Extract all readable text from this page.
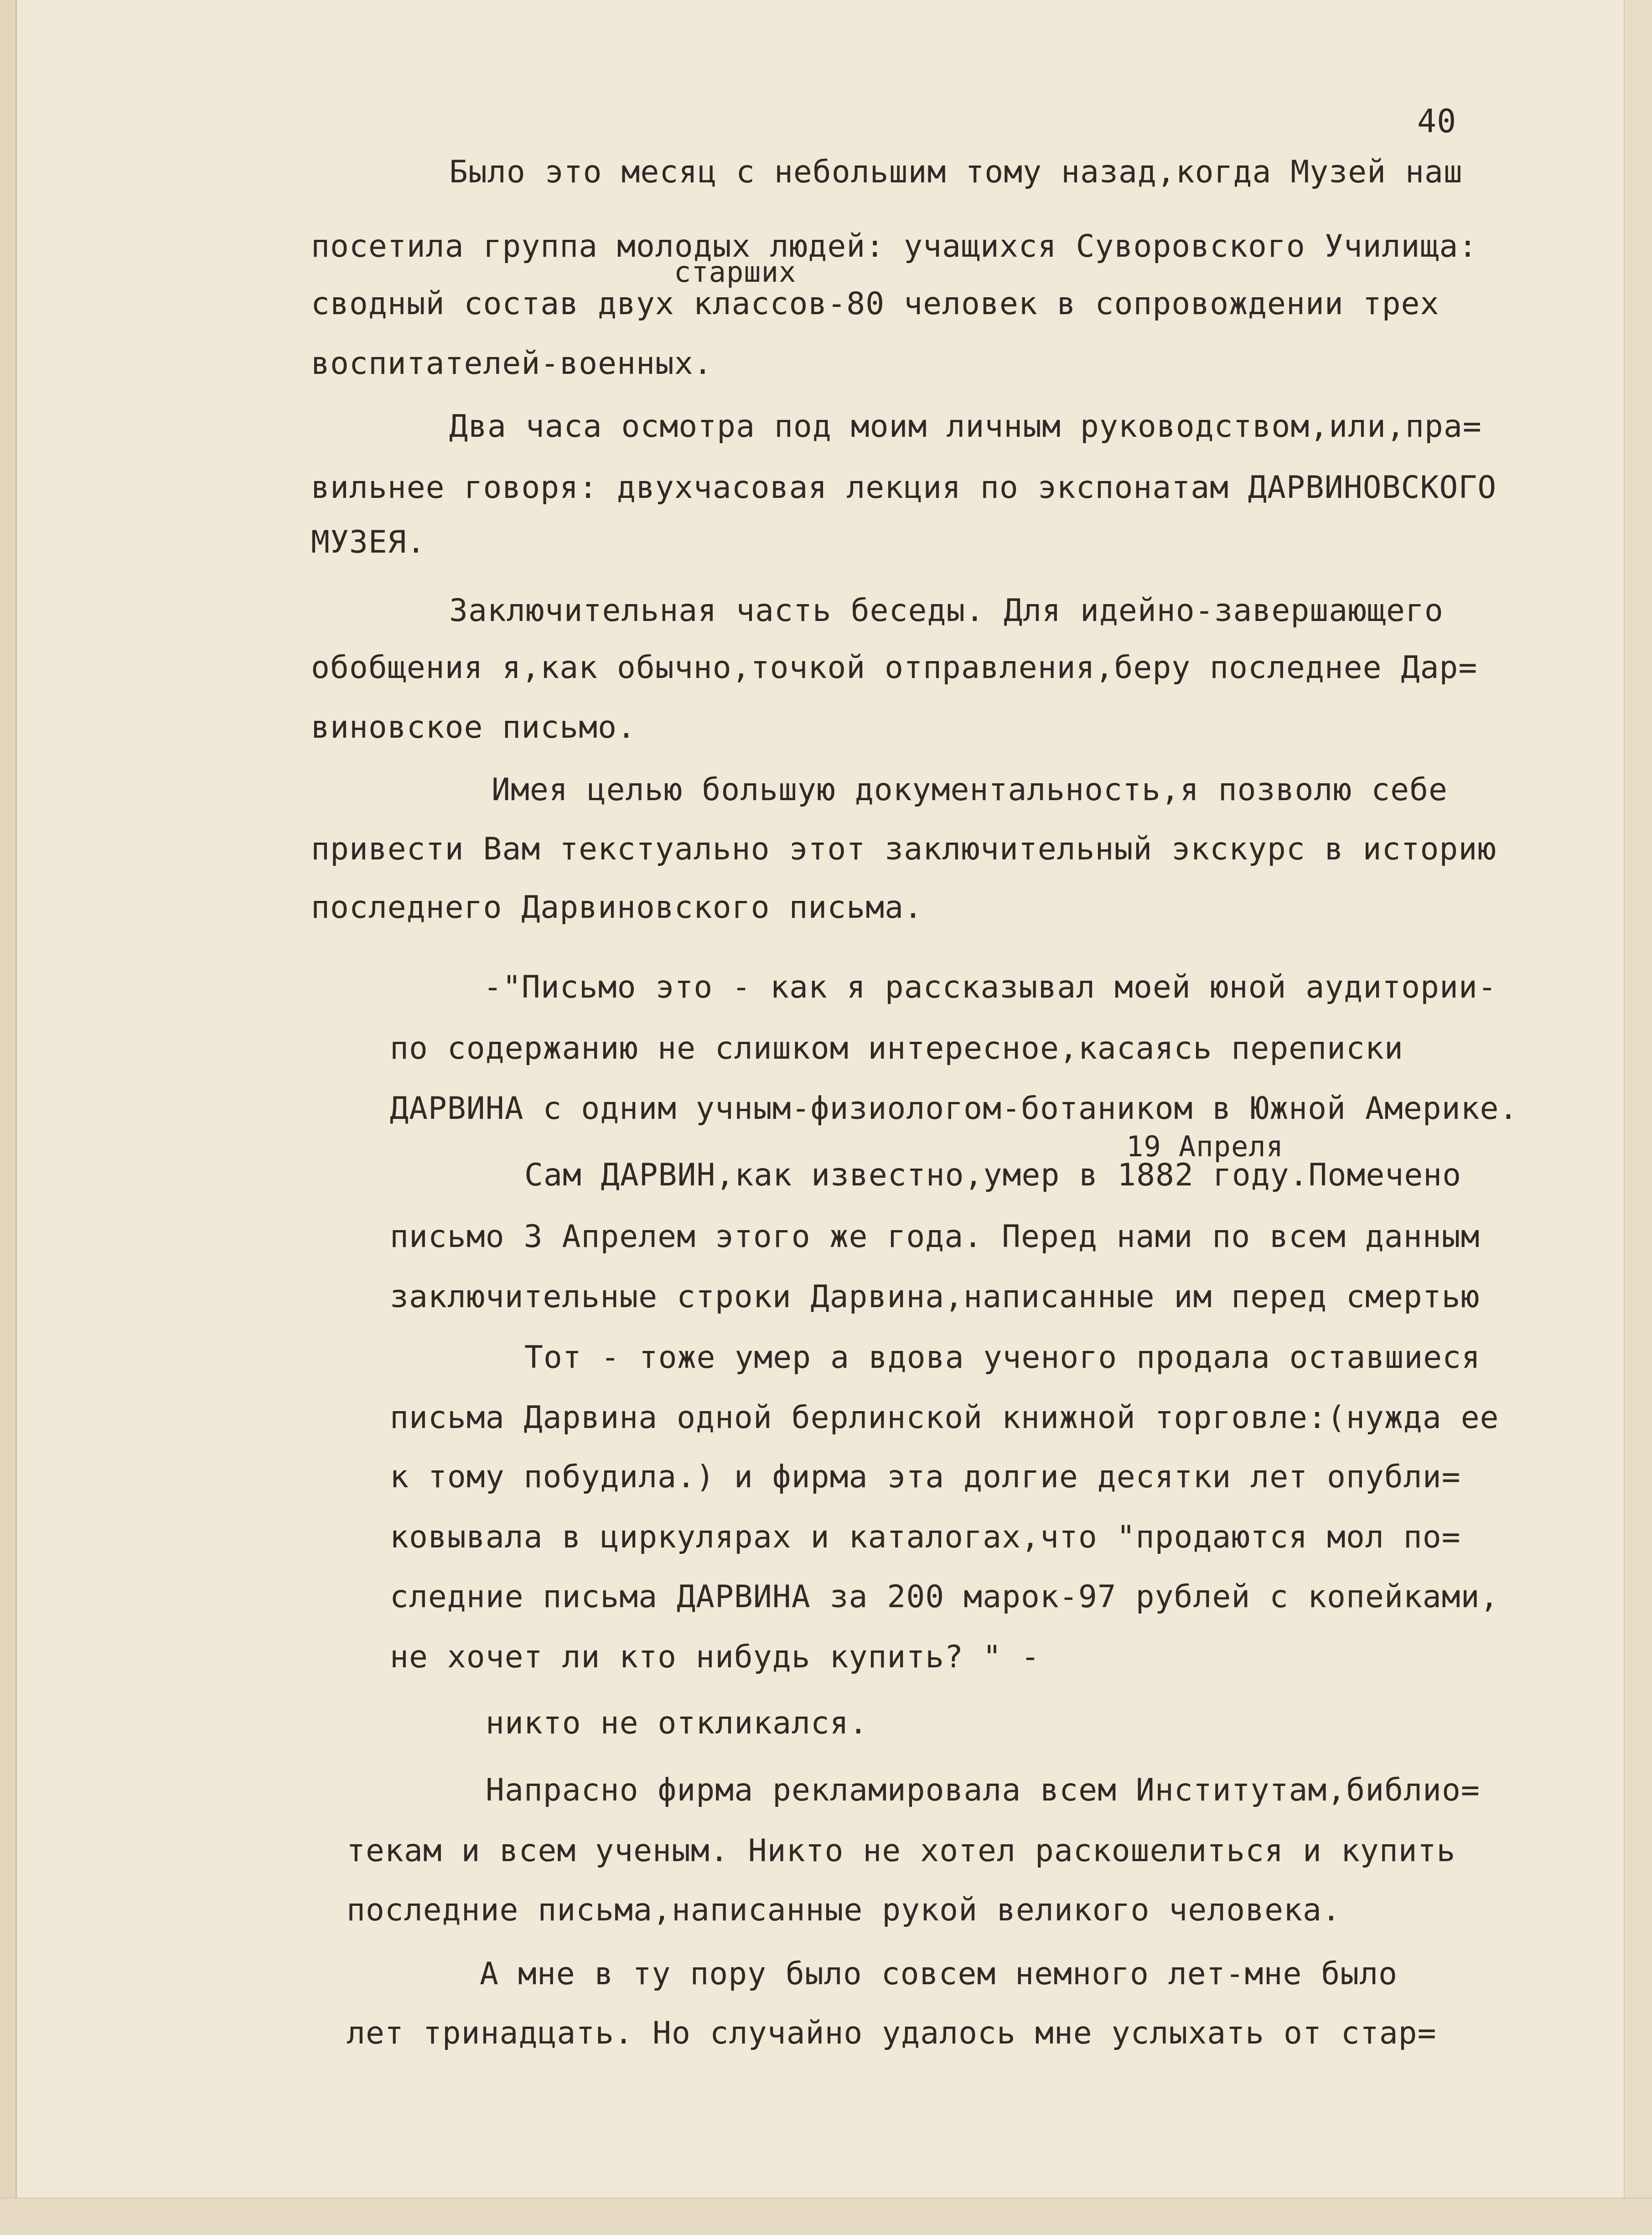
40
Было это месяц с небольшим тому назад,когда Музей наш
посетила группа молодых людей: учащихся Суворовского Училища:
старших
сводный состав двух классов-80 человек в сопровождении трех
воспитателей-военных.
Два часа осмотра под моим личным руководством,или,пра=
вильнее говоря: двухчасовая лекция по экспонатам ДАРВИНОВСКОГО
МУЗЕЯ.
Заключительная часть беседы. Для идейно-завершающего
обобщения я,как обычно,точкой отправления,беру последнее Дар=
виновское письмо.
Имея целью большую документальность,я позволю себе
привести Вам текстуально этот заключительный экскурс в историю
последнего Дарвиновского письма.
-"Письмо это - как я рассказывал моей юной аудитории-
по содержанию не слишком интересное,касаясь переписки
ДАРВИНА с одним учным-физиологом-ботаником в Южной Америке.
19 Апреля
Сам ДАРВИН,как известно,умер в 1882 году.Помечено
письмо 3 Апрелем этого же года. Перед нами по всем данным
заключительные строки Дарвина,написанные им перед смертью
Тот - тоже умер а вдова ученого продала оставшиеся
письма Дарвина одной берлинской книжной торговле:(нужда ее
к тому побудила.) и фирма эта долгие десятки лет опубли=
ковывала в циркулярах и каталогах,что "продаются мол по=
следние письма ДАРВИНА за 200 марок-97 рублей с копейками,
не хочет ли кто нибудь купить? " -
никто не откликался.
Напрасно фирма рекламировала всем Институтам,библио=
текам и всем ученым. Никто не хотел раскошелиться и купить
последние письма,написанные рукой великого человека.
А мне в ту пору было совсем немного лет-мне было
лет тринадцать. Но случайно удалось мне услыхать от стар=
